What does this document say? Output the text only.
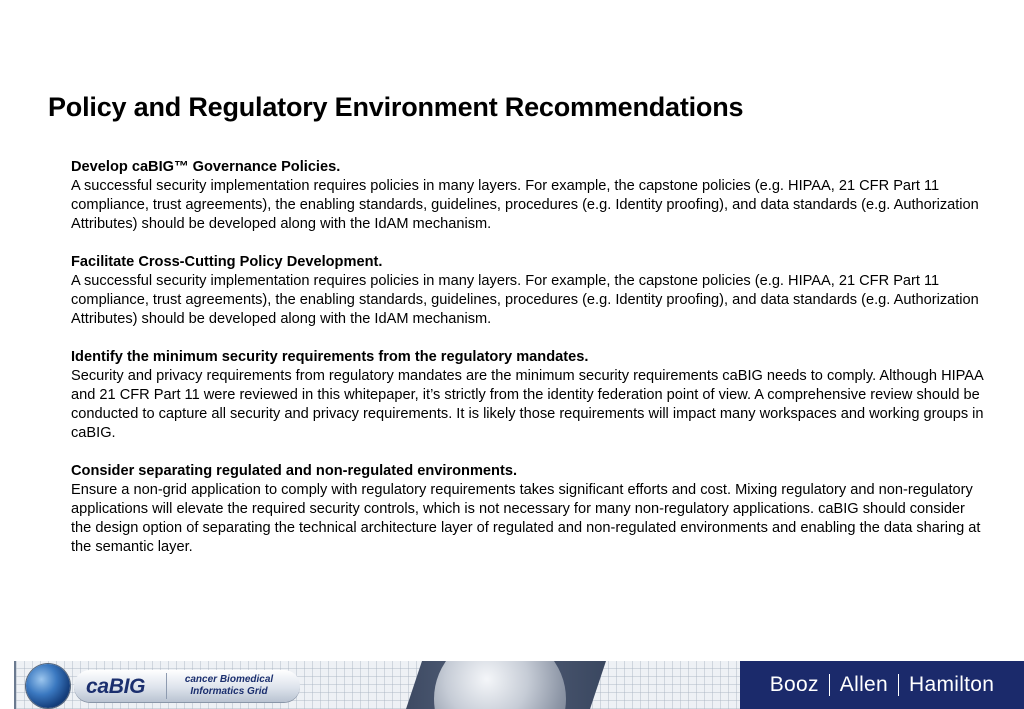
Policy and Regulatory Environment Recommendations
Develop caBIG™ Governance Policies.
A successful security implementation requires policies in many layers. For example, the capstone policies (e.g. HIPAA, 21 CFR Part 11 compliance, trust agreements), the enabling standards, guidelines, procedures (e.g. Identity proofing), and data standards (e.g. Authorization Attributes) should be developed along with the IdAM mechanism.
Facilitate Cross-Cutting Policy Development.
A successful security implementation requires policies in many layers. For example, the capstone policies (e.g. HIPAA, 21 CFR Part 11 compliance, trust agreements), the enabling standards, guidelines, procedures (e.g. Identity proofing), and data standards (e.g. Authorization Attributes) should be developed along with the IdAM mechanism.
Identify the minimum security requirements from the regulatory mandates.
Security and privacy requirements from regulatory mandates are the minimum security requirements caBIG needs to comply. Although HIPAA and 21 CFR Part 11 were reviewed in this whitepaper, it’s strictly from the identity federation point of view. A comprehensive review should be conducted to capture all security and privacy requirements. It is likely those requirements will impact many workspaces and working groups in caBIG.
Consider separating regulated and non-regulated environments.
Ensure a non-grid application to comply with regulatory requirements takes significant efforts and cost. Mixing regulatory and non-regulatory applications will elevate the required security controls, which is not necessary for many non-regulatory applications. caBIG should consider the design option of separating the technical architecture layer of regulated and non-regulated environments and enabling the data sharing at the semantic layer.
caBIG	cancer Biomedical
Informatics Grid	Booz Allen Hamilton
